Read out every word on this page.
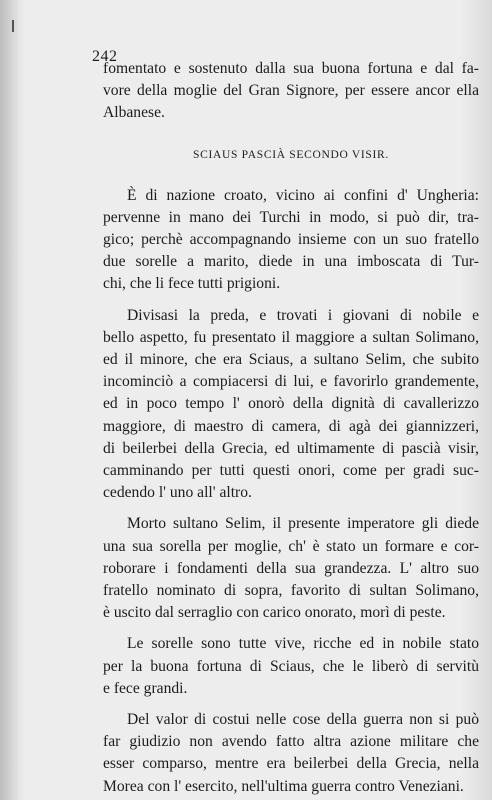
242
fomentato e sostenuto dalla sua buona fortuna e dal fa-
vore della moglie del Gran Signore, per essere ancor ella
Albanese.
SCIAUS PASCIÀ SECONDO VISIR.
È di nazione croato, vicino ai confini d' Ungheria:
pervenne in mano dei Turchi in modo, si può dir, tra-
gico; perchè accompagnando insieme con un suo fratello
due sorelle a marito, diede in una imboscata di Tur-
chi, che li fece tutti prigioni.
Divisasi la preda, e trovati i giovani di nobile e
bello aspetto, fu presentato il maggiore a sultan Solimano,
ed il minore, che era Sciaus, a sultano Selim, che subito
incominciò a compiacersi di lui, e favorirlo grandemente,
ed in poco tempo l' onorò della dignità di cavallerizzo
maggiore, di maestro di camera, di agà dei giannizzeri,
di beilerbei della Grecia, ed ultimamente di pascià visir,
camminando per tutti questi onori, come per gradi suc-
cedendo l' uno all' altro.
Morto sultano Selim, il presente imperatore gli diede
una sua sorella per moglie, ch' è stato un formare e cor-
roborare i fondamenti della sua grandezza. L' altro suo
fratello nominato di sopra, favorito di sultan Solimano,
è uscito dal serraglio con carico onorato, morì di peste.
Le sorelle sono tutte vive, ricche ed in nobile stato
per la buona fortuna di Sciaus, che le liberò di servitù
e fece grandi.
Del valor di costui nelle cose della guerra non si può
far giudizio non avendo fatto altra azione militare che
esser comparso, mentre era beilerbei della Grecia, nella
Morea con l' esercito, nell'ultima guerra contro Veneziani.
